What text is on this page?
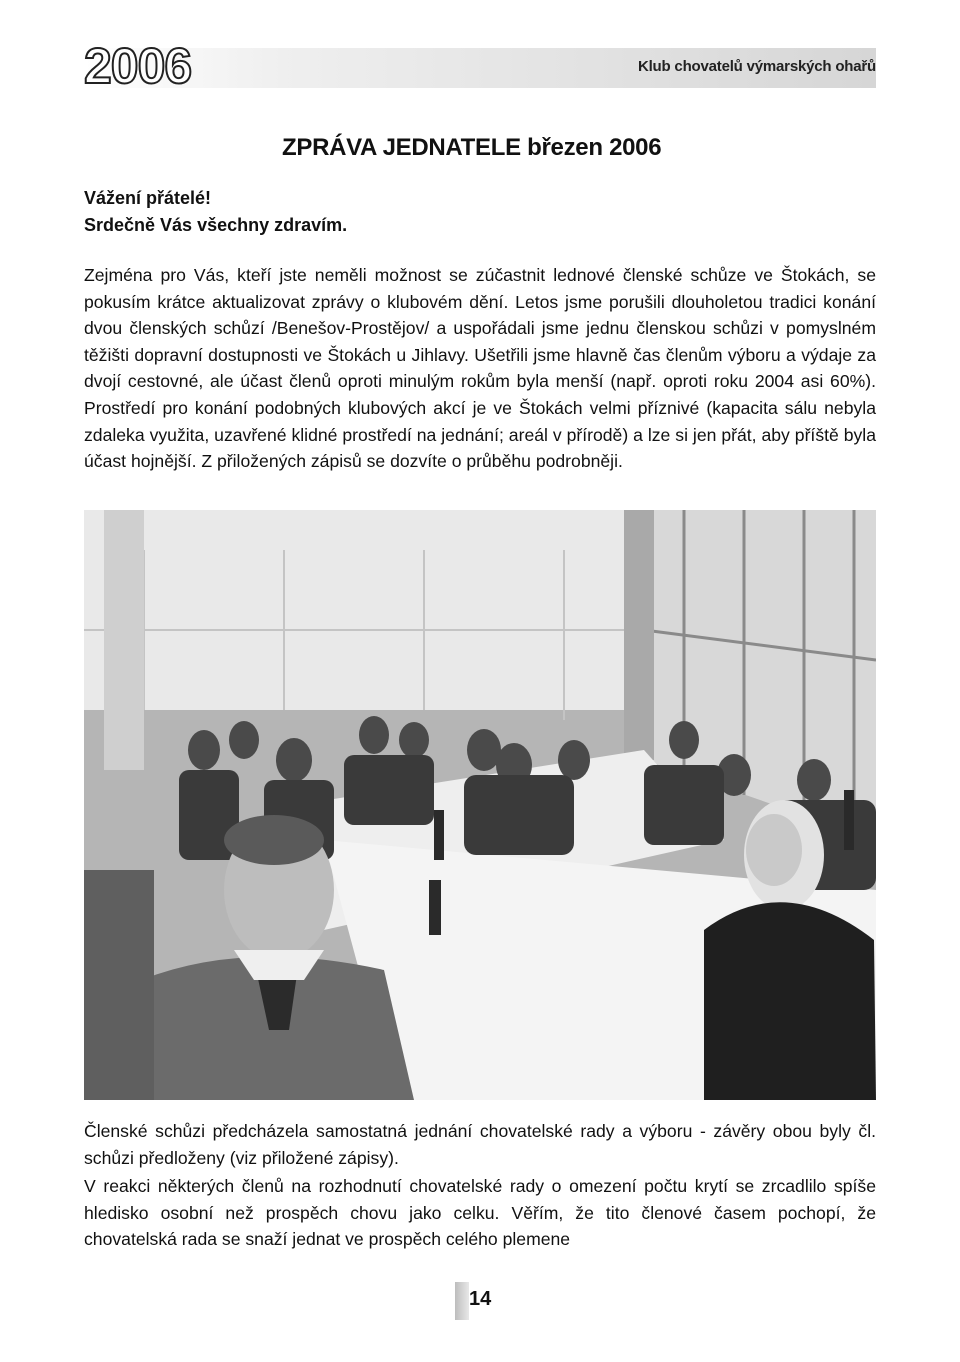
2006	Klub chovatelů výmarských ohařů
ZPRÁVA JEDNATELE březen 2006
Vážení přátelé!
Srdečně Vás všechny zdravím.
Zejména pro Vás, kteří jste neměli možnost se zúčastnit lednové členské schůze ve Štokách, se pokusím krátce aktualizovat zprávy o klubovém dění. Letos jsme porušili dlouholetou tradici konání dvou členských schůzí /Benešov-Prostějov/ a uspořádali jsme jednu členskou schůzi v pomyslném těžišti dopravní dostupnosti ve Štokách u Jihlavy. Ušetřili jsme hlavně čas členům výboru a výdaje za dvojí cestovné, ale účast členů oproti minulým rokům byla menší (např. oproti roku 2004 asi 60%). Prostředí pro konání podobných klubových akcí je ve Štokách velmi příznivé (kapacita sálu nebyla zdaleka využita, uzavřené klidné prostředí na jednání; areál v přírodě) a lze si jen přát, aby příště byla účast hojnější. Z přiložených zápisů se dozvíte o průběhu podrobněji.
Členské schůzi předcházela samostatná jednání chovatelské rady a výboru - závěry obou byly čl. schůzi předloženy (viz přiložené zápisy).
V reakci některých členů na rozhodnutí chovatelské rady o omezení počtu krytí se zrcadlilo spíše hledisko osobní než prospěch chovu jako celku. Věřím, že tito členové časem pochopí, že chovatelská rada se snaží jednat ve prospěch celého plemene
14
